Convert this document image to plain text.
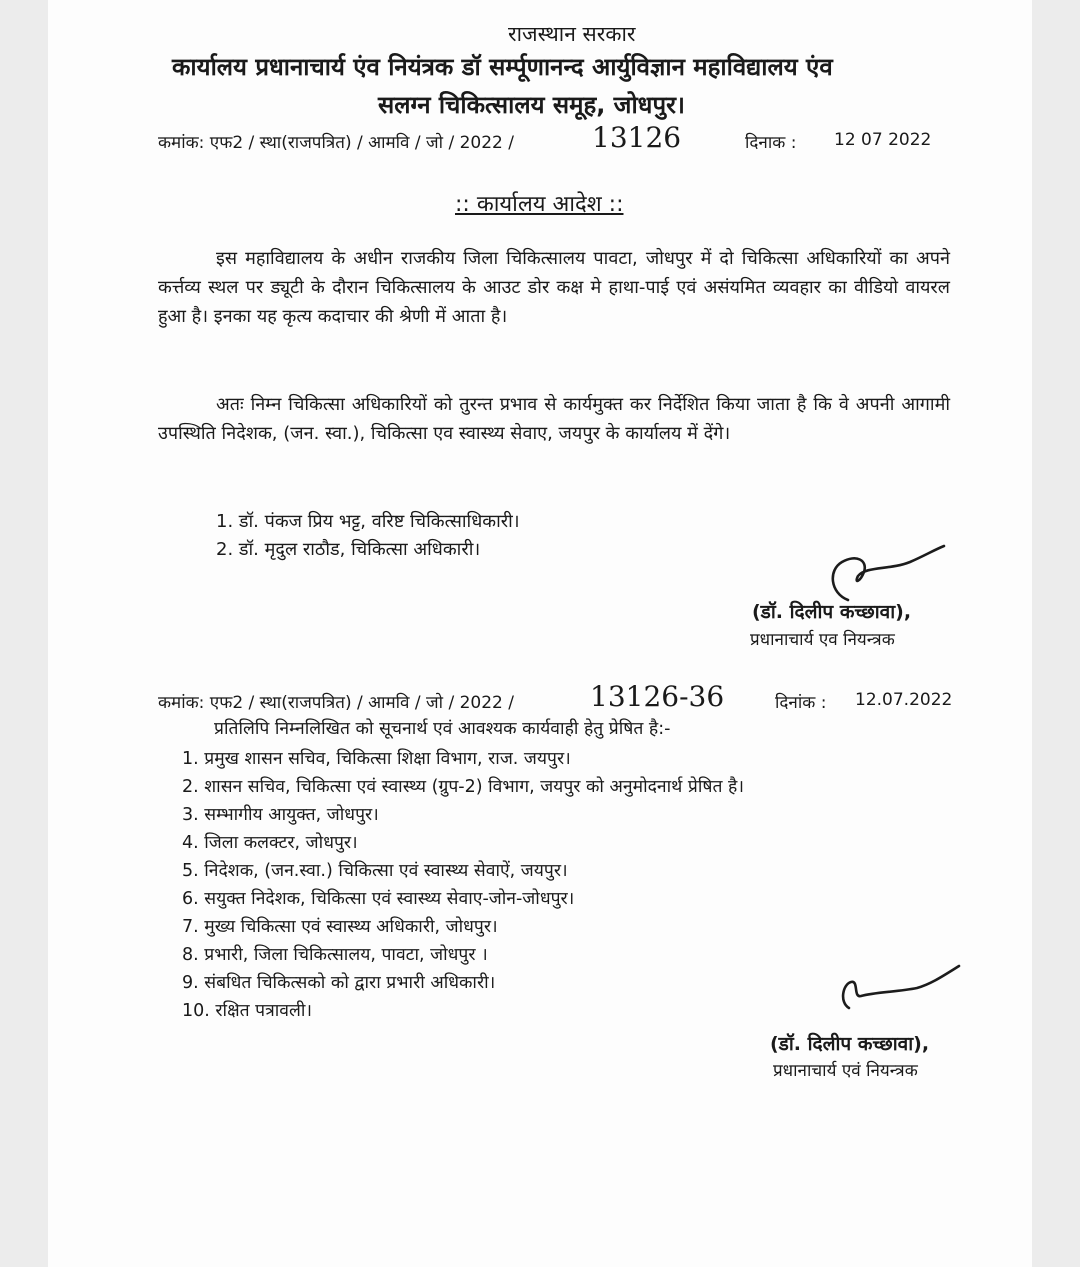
राजस्थान सरकार
कार्यालय प्रधानाचार्य एंव नियंत्रक डॉ सर्म्पूणानन्द आर्युविज्ञान महाविद्यालय एंव
सलग्न चिकित्सालय समूह, जोधपुर।
कमांक: एफ2 / स्था(राजपत्रित) / आमवि / जो / 2022 /	13126	दिनाक : 12 07 2022
:: कार्यालय आदेश ::
इस महाविद्यालय के अधीन राजकीय जिला चिकित्सालय पावटा, जोधपुर में दो चिकित्सा अधिकारियों का अपने कर्त्तव्य स्थल पर ड्यूटी के दौरान चिकित्सालय के आउट डोर कक्ष मे हाथा-पाई एवं असंयमित व्यवहार का वीडियो वायरल हुआ है। इनका यह कृत्य कदाचार की श्रेणी में आता है।
अतः निम्न चिकित्सा अधिकारियों को तुरन्त प्रभाव से कार्यमुक्त कर निर्देशित किया जाता है कि वे अपनी आगामी उपस्थिति निदेशक, (जन. स्वा.), चिकित्सा एव स्वास्थ्य सेवाए, जयपुर के कार्यालय में देंगे।
1. डॉ. पंकज प्रिय भट्ट, वरिष्ट चिकित्साधिकारी।
2. डॉ. मृदुल राठौड, चिकित्सा अधिकारी।
(डॉ. दिलीप कच्छावा),
प्रधानाचार्य एव नियन्त्रक
कमांक: एफ2 / स्था(राजपत्रित) / आमवि / जो / 2022 /	13126-36	दिनांक : 12.07.2022
प्रतिलिपि निम्नलिखित को सूचनार्थ एवं आवश्यक कार्यवाही हेतु प्रेषित है:-
1. प्रमुख शासन सचिव, चिकित्सा शिक्षा विभाग, राज. जयपुर।
2. शासन सचिव, चिकित्सा एवं स्वास्थ्य (ग्रुप-2) विभाग, जयपुर को अनुमोदनार्थ प्रेषित है।
3. सम्भागीय आयुक्त, जोधपुर।
4. जिला कलक्टर, जोधपुर।
5. निदेशक, (जन.स्वा.) चिकित्सा एवं स्वास्थ्य सेवाऐं, जयपुर।
6. सयुक्त निदेशक, चिकित्सा एवं स्वास्थ्य सेवाए-जोन-जोधपुर।
7. मुख्य चिकित्सा एवं स्वास्थ्य अधिकारी, जोधपुर।
8. प्रभारी, जिला चिकित्सालय, पावटा, जोधपुर ।
9. संबधित चिकित्सको को द्वारा प्रभारी अधिकारी।
10. रक्षित पत्रावली।
(डॉ. दिलीप कच्छावा),
प्रधानाचार्य एवं नियन्त्रक
